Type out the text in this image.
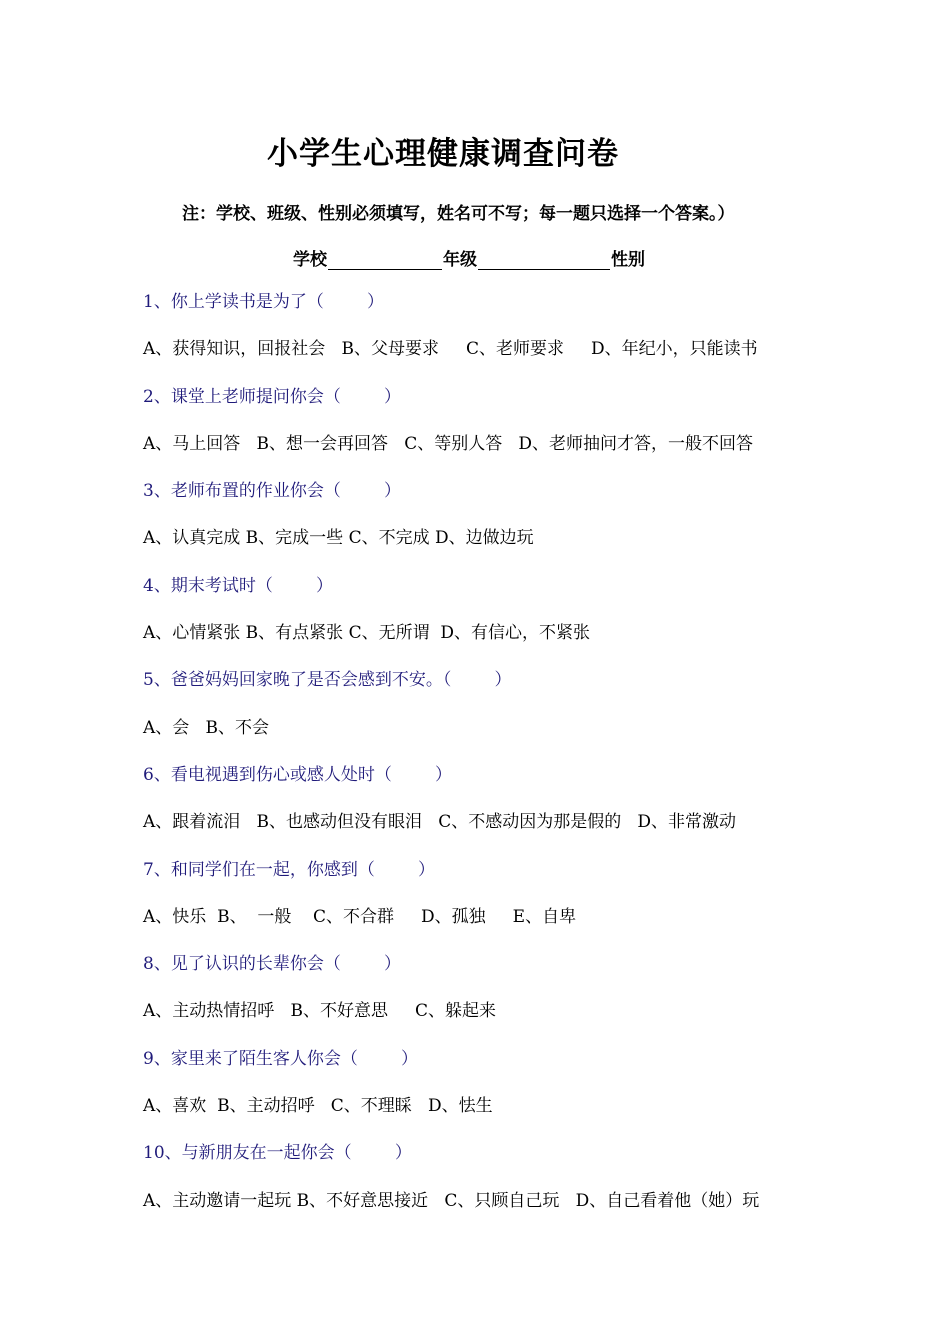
小学生心理健康调查问卷
注：学校、班级、性别必须填写，姓名可不写；每一题只选择一个答案。）
学校	年级	性别
1、你上学读书是为了（        ）
A、获得知识，回报社会   B、父母要求     C、老师要求     D、年纪小，只能读书
2、课堂上老师提问你会（        ）
A、马上回答   B、想一会再回答   C、等别人答   D、老师抽问才答，一般不回答
3、老师布置的作业你会（        ）
A、认真完成 B、完成一些 C、不完成 D、边做边玩
4、期末考试时（        ）
A、心情紧张 B、有点紧张 C、无所谓  D、有信心，不紧张
5、爸爸妈妈回家晚了是否会感到不安。（        ）
A、会   B、不会
6、看电视遇到伤心或感人处时（        ）
A、跟着流泪   B、也感动但没有眼泪   C、不感动因为那是假的   D、非常激动
7、和同学们在一起，你感到（        ）
A、快乐  B、  一般    C、不合群     D、孤独     E、自卑
8、见了认识的长辈你会（        ）
A、主动热情招呼   B、不好意思     C、躲起来
9、家里来了陌生客人你会（        ）
A、喜欢  B、主动招呼   C、不理睬   D、怯生
10、与新朋友在一起你会（        ）
A、主动邀请一起玩 B、不好意思接近   C、只顾自己玩   D、自己看着他（她）玩
